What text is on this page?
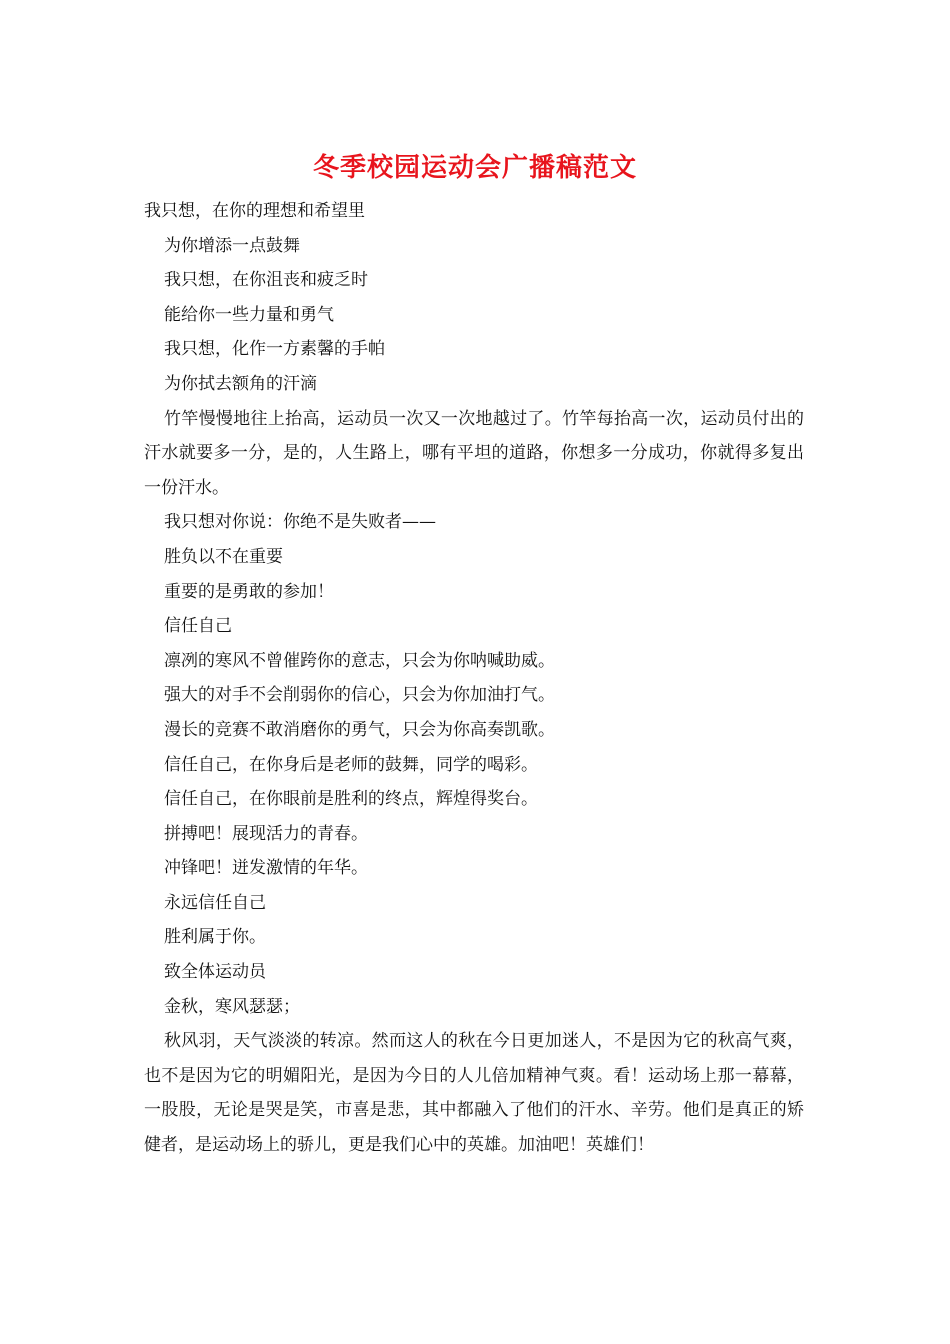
冬季校园运动会广播稿范文

我只想，在你的理想和希望里

为你增添一点鼓舞

我只想，在你沮丧和疲乏时

能给你一些力量和勇气

我只想，化作一方素馨的手帕

为你拭去额角的汗滴

竹竿慢慢地往上抬高，运动员一次又一次地越过了。竹竿每抬高一次，运动员付出的汗水就要多一分，是的，人生路上，哪有平坦的道路，你想多一分成功，你就得多复出一份汗水。

我只想对你说：你绝不是失败者——

胜负以不在重要

重要的是勇敢的参加！

信任自己

凛冽的寒风不曾催跨你的意志，只会为你呐喊助威。

强大的对手不会削弱你的信心，只会为你加油打气。

漫长的竞赛不敢消磨你的勇气，只会为你高奏凯歌。

信任自己，在你身后是老师的鼓舞，同学的喝彩。

信任自己，在你眼前是胜利的终点，辉煌得奖台。

拼搏吧！展现活力的青春。

冲锋吧！迸发激情的年华。

永远信任自己

胜利属于你。

致全体运动员

金秋，寒风瑟瑟；

秋风羽，天气淡淡的转凉。然而这人的秋在今日更加迷人，不是因为它的秋高气爽，也不是因为它的明媚阳光，是因为今日的人儿倍加精神气爽。看！运动场上那一幕幕，一股股，无论是哭是笑，市喜是悲，其中都融入了他们的汗水、辛劳。他们是真正的矫健者，是运动场上的骄儿，更是我们心中的英雄。加油吧！英雄们！
